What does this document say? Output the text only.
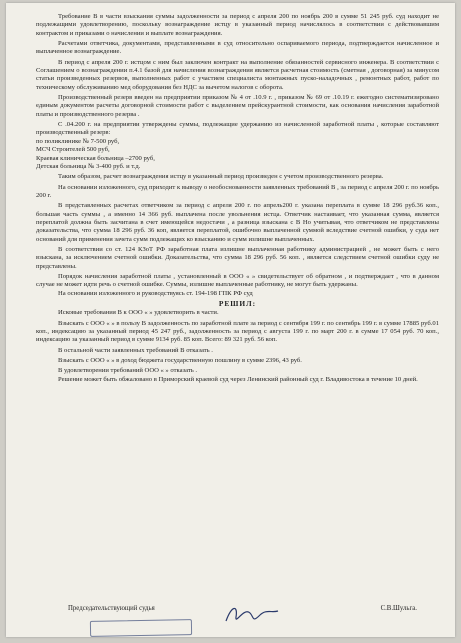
Требование В в части взыскания суммы задолженности за период с апреля 200 по ноябрь 200 в сумме 51 245 руб. суд находит не подлежащими удовлетворению, поскольку вознаграждение истцу в указанный период начислялось в соответствии с действовавшим контрактом и приказами о начислении и выплате вознаграждения.

Расчетами ответчика, документами, представленными в суд относительно оспариваемого периода, подтверждается начисленное и выплаченное вознаграждение.

В период с апреля 200 г. истцом с ним был заключен контракт на выполнение обязанностей сервисного инженера. В соответствии с Соглашением о вознаграждении п.4.1 базой для начисления вознаграждения является расчетная стоимость (сметная , договорная) за минусом статьи произведенных резервов, выполненных работ с участием специалиста монтажных пуско-наладочных , ремонтных работ, работ по техническому обслуживанию мед оборудования без НДС за вычетом налогов с оборота.

Производственный резерв введен на предприятии приказом № 4 от .10.9 г. , приказом № 69 от .10.19 г. ежегодно систематизировано единым документом расчеты договорной стоимости работ с выделением прейскурантной стоимости, как основания начисления заработной платы и производственного резерва .

С .04.200 г. на предприятии утверждены суммы, подлежащие удержанию из начисленной заработной платы , которые составляют производственный резерв:

по поликлинике № 7-500 руб,

МСЧ Строителей 500 руб,

Краевая клиническая больница –2700 руб,

Детская больница № 3-400 руб. и т.д.

Таким образом, расчет вознаграждения истцу в указанный период произведен с учетом производственного резерва.

На основании изложенного, суд приходит к выводу о необоснованности заявленных требований В , за период с апреля 200 г. по ноябрь 200 г.

В представленных расчетах ответчиком за период с апреля 200 г. по апрель200 г. указана переплата в сумме 18 296 руб.36 коп., большая часть суммы , а именно 14 366 руб. выплачена после увольнения истца. Ответчик настаивает, что указанная сумма, является переплатой должна быть засчитана в счет имеющейся недостачи , а разница взыскана с В Но учитывая, что ответчиком не представлены доказательства, что сумма 18 296 руб. 36 коп, является переплатой, ошибочно выплаченной суммой вследствие счетной ошибки, у суда нет оснований для применения зачета сумм подлежащих ко взысканию и сумм излишне выплаченных.

В соответствии со ст. 124 КЗоТ РФ заработная плата излишне выплаченная работнику администрацией , не может быть с него взыскана, за исключением счетной ошибки. Доказательства, что сумма 18 296 руб. 56 коп. , является следствием счетной ошибки суду не представлены.

Порядок начисления заработной платы , установленный в ООО « » свидетельствует об обратном , и подтверждает , что в данном случае не может идти речь о счетной ошибке. Суммы, излишне выплаченные работнику, не могут быть удержаны.

На основании изложенного и руководствуясь ст. 194-198 ГПК РФ суд

РЕШИЛ:

Исковые требования В к ООО « » удовлетворить в части.

Взыскать с ООО « » в пользу В задолженность по заработной плате за период с сентября 199 г. по сентябрь 199 г. в сумме 17885 руб.01 коп., индексацию за указанный период 45 247 руб., задолженность за период с августа 199 г. по март 200 г. в сумме 17 054 руб. 70 коп., индексацию за указанный период в сумме 9134 руб. 85 коп. Всего: 89 321 руб. 56 коп.

В остальной части заявленных требований В отказать .

Взыскать с ООО « » в доход бюджета государственную пошлину в сумме 2396, 43 руб.

В удовлетворении требований ООО « » отказать .

Решение может быть обжаловано в Приморский краевой суд через Ленинский районный суд г. Владивостока в течение 10 дней.

Председательствующий судья	С.В.Шульга.
